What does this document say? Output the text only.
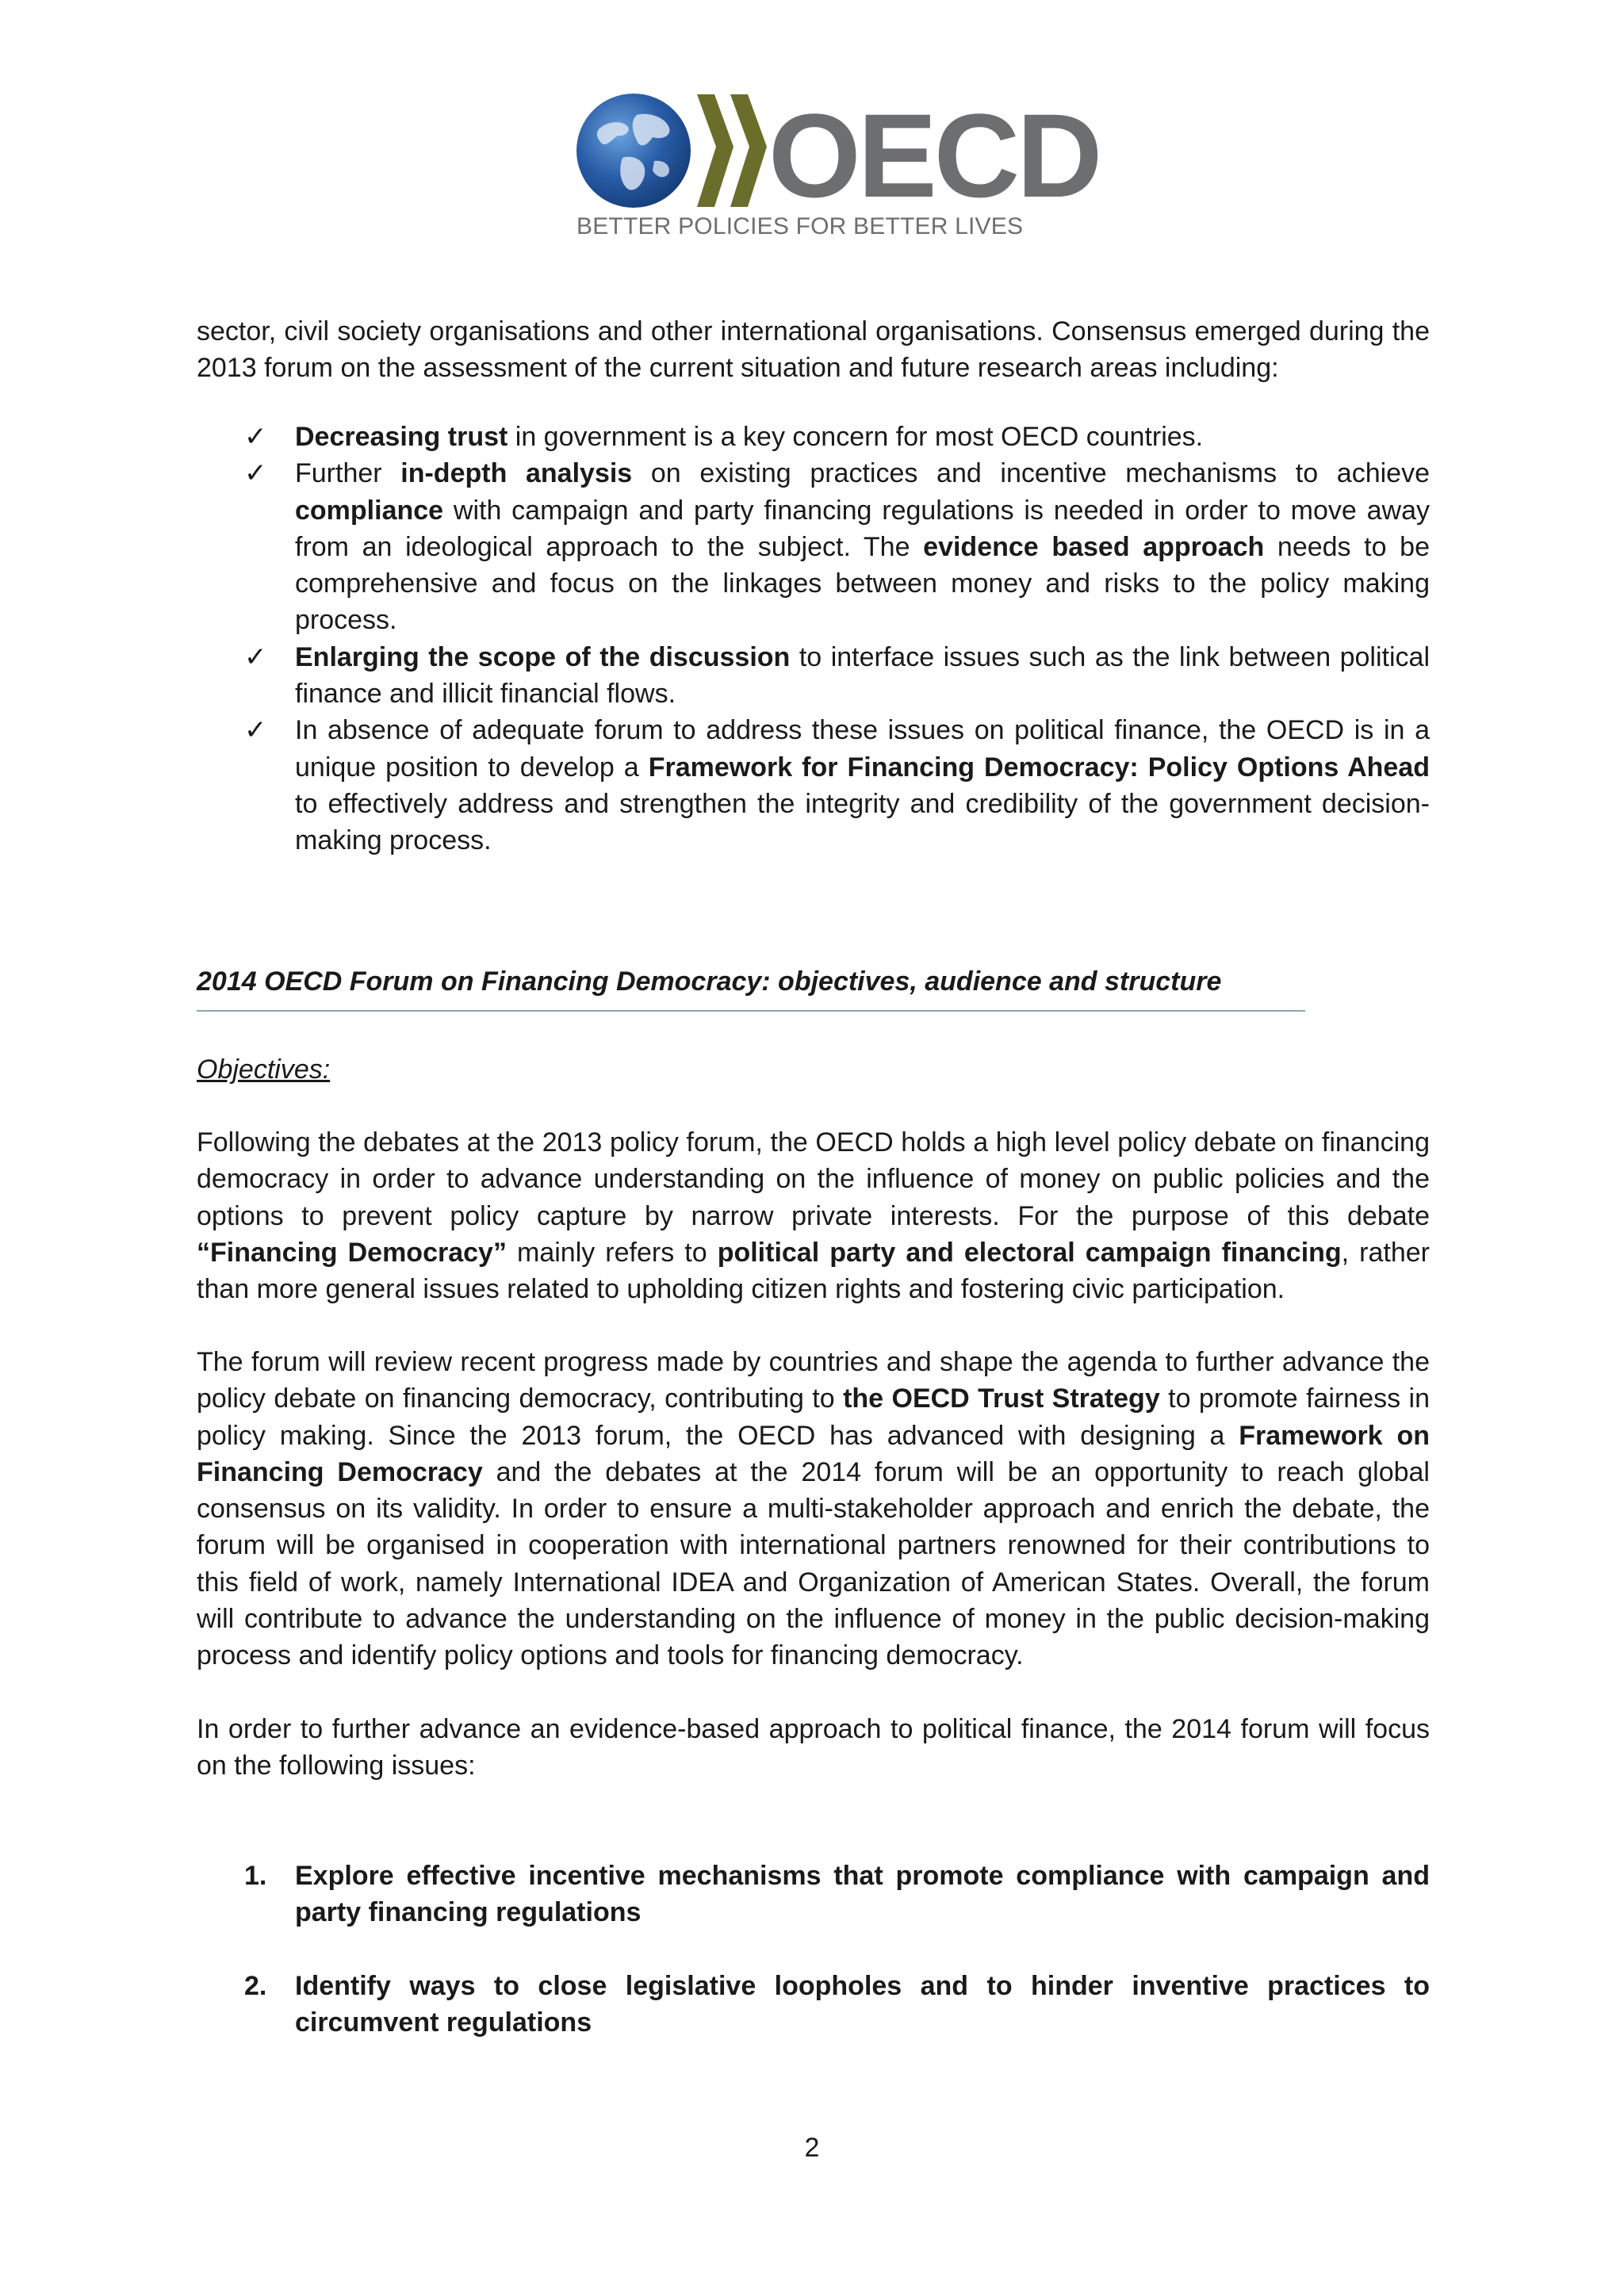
OECD
BETTER POLICIES FOR BETTER LIVES

sector, civil society organisations and other international organisations. Consensus emerged during the 2013 forum on the assessment of the current situation and future research areas including:

✓ Decreasing trust in government is a key concern for most OECD countries.
✓ Further in-depth analysis on existing practices and incentive mechanisms to achieve compliance with campaign and party financing regulations is needed in order to move away from an ideological approach to the subject. The evidence based approach needs to be comprehensive and focus on the linkages between money and risks to the policy making process.
✓ Enlarging the scope of the discussion to interface issues such as the link between political finance and illicit financial flows.
✓ In absence of adequate forum to address these issues on political finance, the OECD is in a unique position to develop a Framework for Financing Democracy: Policy Options Ahead to effectively address and strengthen the integrity and credibility of the government decision-making process.
2014 OECD Forum on Financing Democracy: objectives, audience and structure

Objectives:

Following the debates at the 2013 policy forum, the OECD holds a high level policy debate on financing democracy in order to advance understanding on the influence of money on public policies and the options to prevent policy capture by narrow private interests. For the purpose of this debate “Financing Democracy” mainly refers to political party and electoral campaign financing, rather than more general issues related to upholding citizen rights and fostering civic participation.

The forum will review recent progress made by countries and shape the agenda to further advance the policy debate on financing democracy, contributing to the OECD Trust Strategy to promote fairness in policy making. Since the 2013 forum, the OECD has advanced with designing a Framework on Financing Democracy and the debates at the 2014 forum will be an opportunity to reach global consensus on its validity. In order to ensure a multi-stakeholder approach and enrich the debate, the forum will be organised in cooperation with international partners renowned for their contributions to this field of work, namely International IDEA and Organization of American States. Overall, the forum will contribute to advance the understanding on the influence of money in the public decision-making process and identify policy options and tools for financing democracy.

In order to further advance an evidence-based approach to political finance, the 2014 forum will focus on the following issues:

1. Explore effective incentive mechanisms that promote compliance with campaign and party financing regulations
2. Identify ways to close legislative loopholes and to hinder inventive practices to circumvent regulations
2
